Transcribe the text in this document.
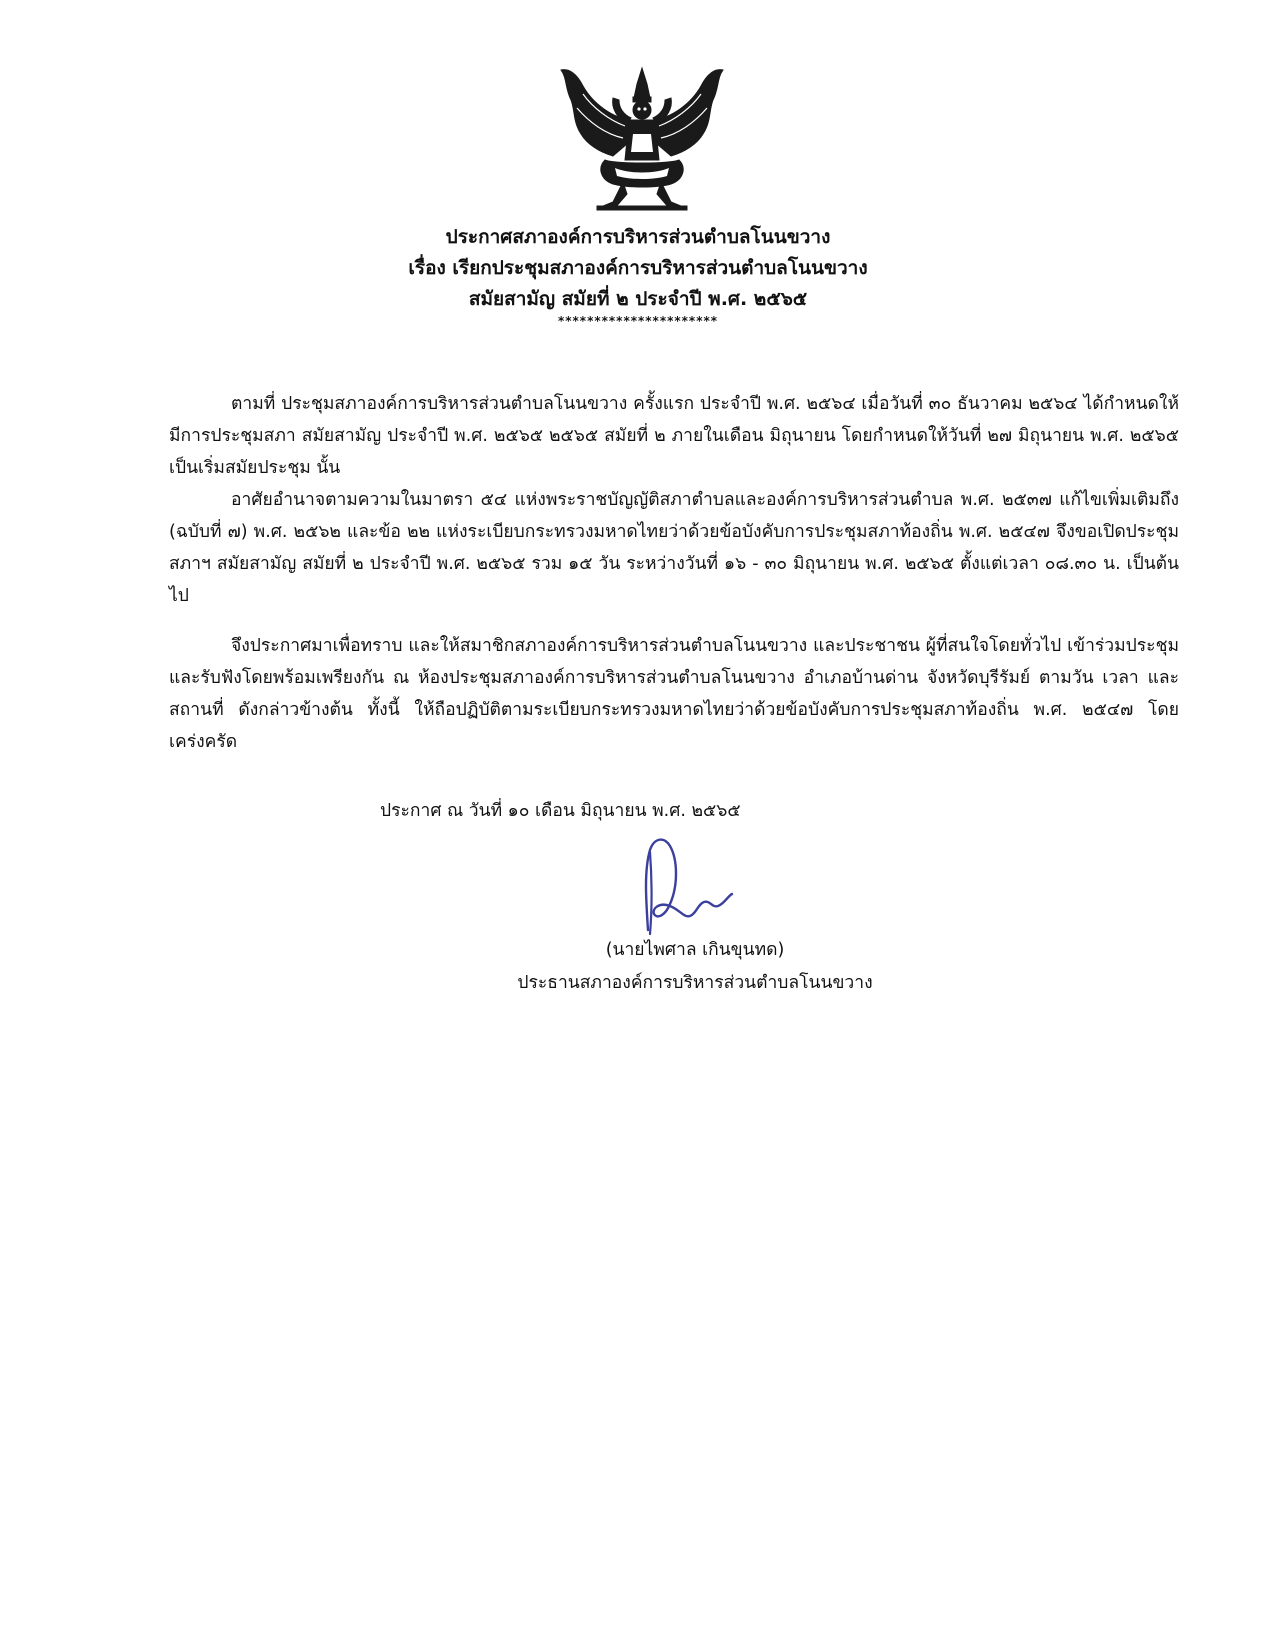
ประกาศสภาองค์การบริหารส่วนตำบลโนนขวาง
เรื่อง เรียกประชุมสภาองค์การบริหารส่วนตำบลโนนขวาง
สมัยสามัญ สมัยที่ ๒ ประจำปี พ.ศ. ๒๕๖๕
**********************

ตามที่ ประชุมสภาองค์การบริหารส่วนตำบลโนนขวาง ครั้งแรก ประจำปี พ.ศ. ๒๕๖๔ เมื่อวันที่ ๓๐ ธันวาคม ๒๕๖๔ ได้กำหนดให้มีการประชุมสภา สมัยสามัญ ประจำปี พ.ศ. ๒๕๖๕ ๒๕๖๕ สมัยที่ ๒ ภายในเดือน มิถุนายน โดยกำหนดให้วันที่ ๒๗ มิถุนายน พ.ศ. ๒๕๖๕ เป็นเริ่มสมัยประชุม นั้น

อาศัยอำนาจตามความในมาตรา ๕๔ แห่งพระราชบัญญัติสภาตำบลและองค์การบริหารส่วนตำบล พ.ศ. ๒๕๓๗ แก้ไขเพิ่มเติมถึง (ฉบับที่ ๗) พ.ศ. ๒๕๖๒ และข้อ ๒๒ แห่งระเบียบกระทรวงมหาดไทยว่าด้วยข้อบังคับการประชุมสภาท้องถิ่น พ.ศ. ๒๕๔๗ จึงขอเปิดประชุมสภาฯ สมัยสามัญ สมัยที่ ๒ ประจำปี พ.ศ. ๒๕๖๕ รวม ๑๕ วัน ระหว่างวันที่ ๑๖ - ๓๐ มิถุนายน พ.ศ. ๒๕๖๕ ตั้งแต่เวลา ๐๘.๓๐ น. เป็นต้นไป

จึงประกาศมาเพื่อทราบ และให้สมาชิกสภาองค์การบริหารส่วนตำบลโนนขวาง และประชาชน ผู้ที่สนใจโดยทั่วไป เข้าร่วมประชุมและรับฟังโดยพร้อมเพรียงกัน ณ ห้องประชุมสภาองค์การบริหารส่วนตำบลโนนขวาง อำเภอบ้านด่าน จังหวัดบุรีรัมย์ ตามวัน เวลา และสถานที่ ดังกล่าวข้างต้น ทั้งนี้ ให้ถือปฏิบัติตามระเบียบกระทรวงมหาดไทยว่าด้วยข้อบังคับการประชุมสภาท้องถิ่น พ.ศ. ๒๕๔๗ โดยเคร่งครัด

ประกาศ ณ วันที่ ๑๐ เดือน มิถุนายน พ.ศ. ๒๕๖๕
(นายไพศาล เกินขุนทด)
ประธานสภาองค์การบริหารส่วนตำบลโนนขวาง
